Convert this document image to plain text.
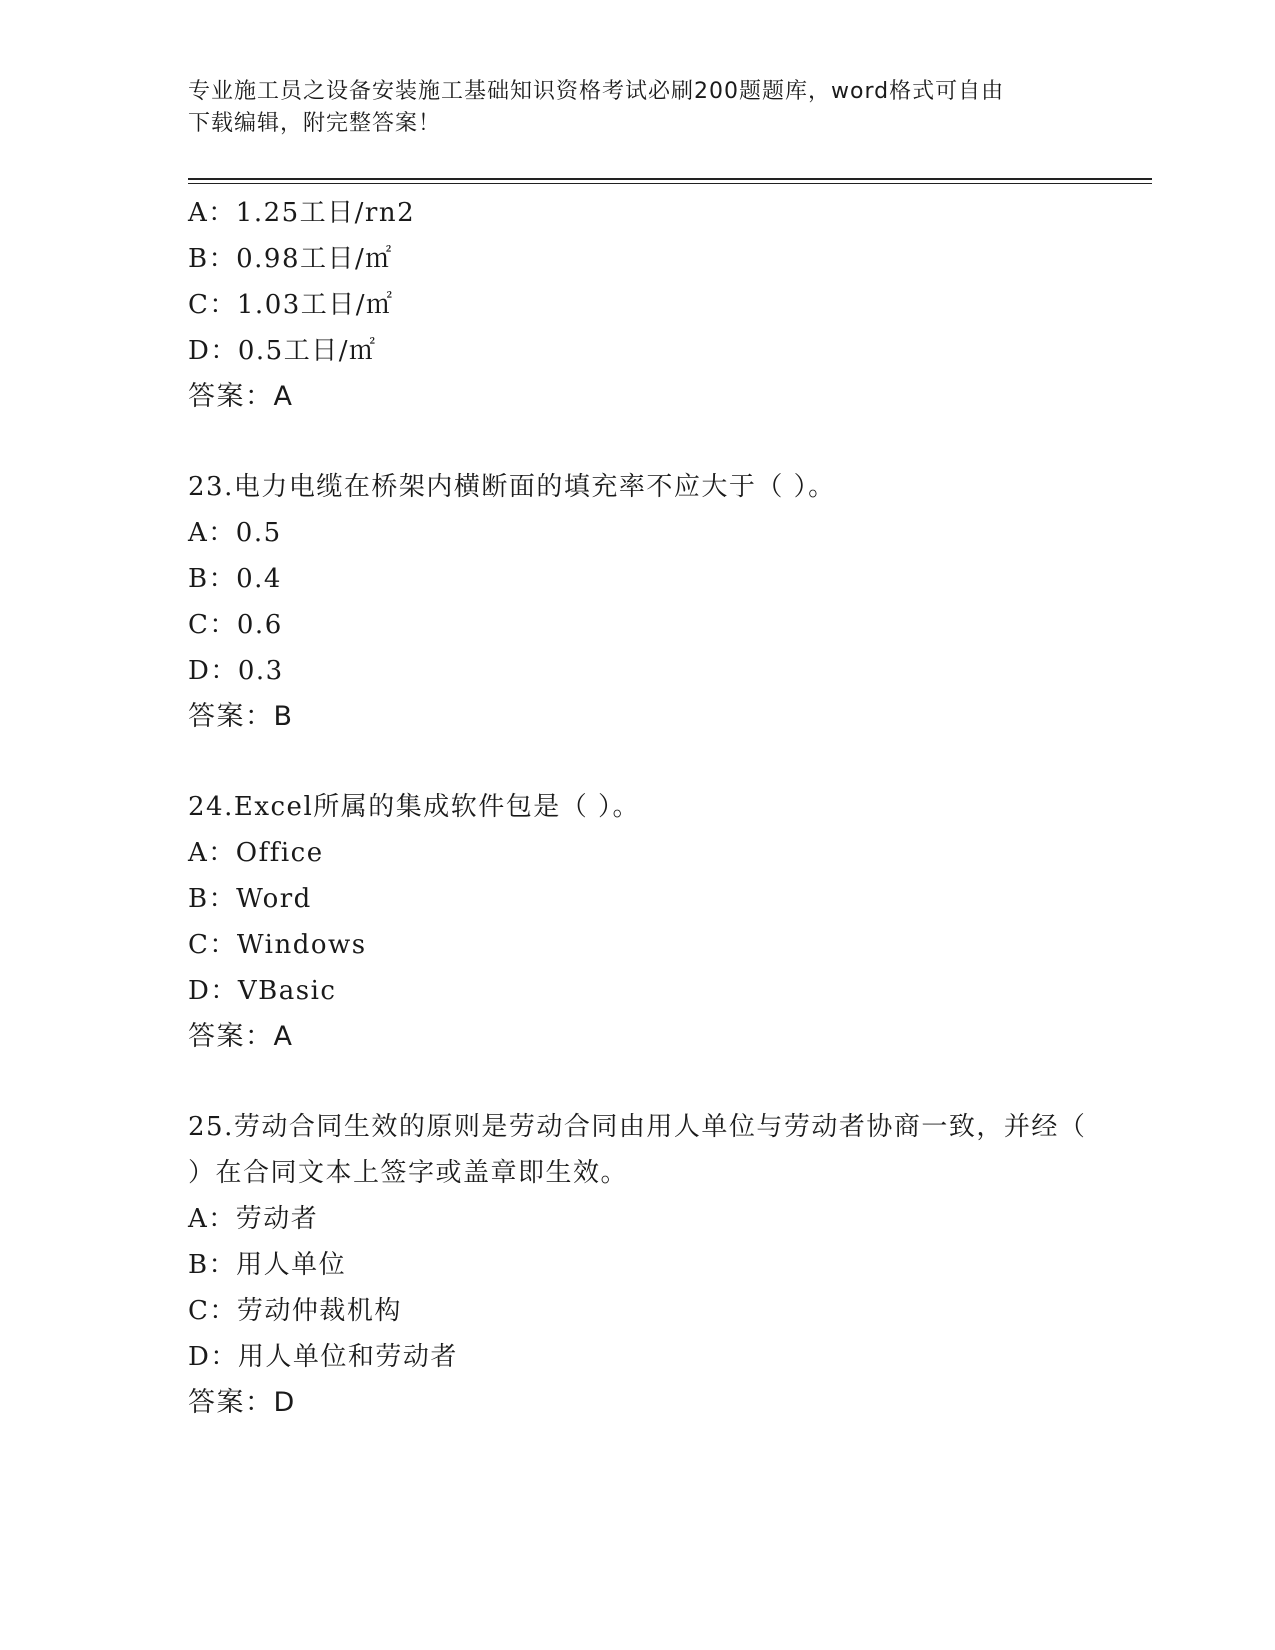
专业施工员之设备安装施工基础知识资格考试必刷200题题库，word格式可自由
下载编辑，附完整答案！
A：1.25工日/rn2
B：0.98工日/㎡
C：1.03工日/㎡
D：0.5工日/㎡
答案：A
23.电力电缆在桥架内横断面的填充率不应大于（ ）。
A：0.5
B：0.4
C：0.6
D：0.3
答案：B
24.Excel所属的集成软件包是（ ）。
A：Office
B：Word
C：Windows
D：VBasic
答案：A
25.劳动合同生效的原则是劳动合同由用人单位与劳动者协商一致，并经（ ）在合同文本上签字或盖章即生效。
A：劳动者
B：用人单位
C：劳动仲裁机构
D：用人单位和劳动者
答案：D
